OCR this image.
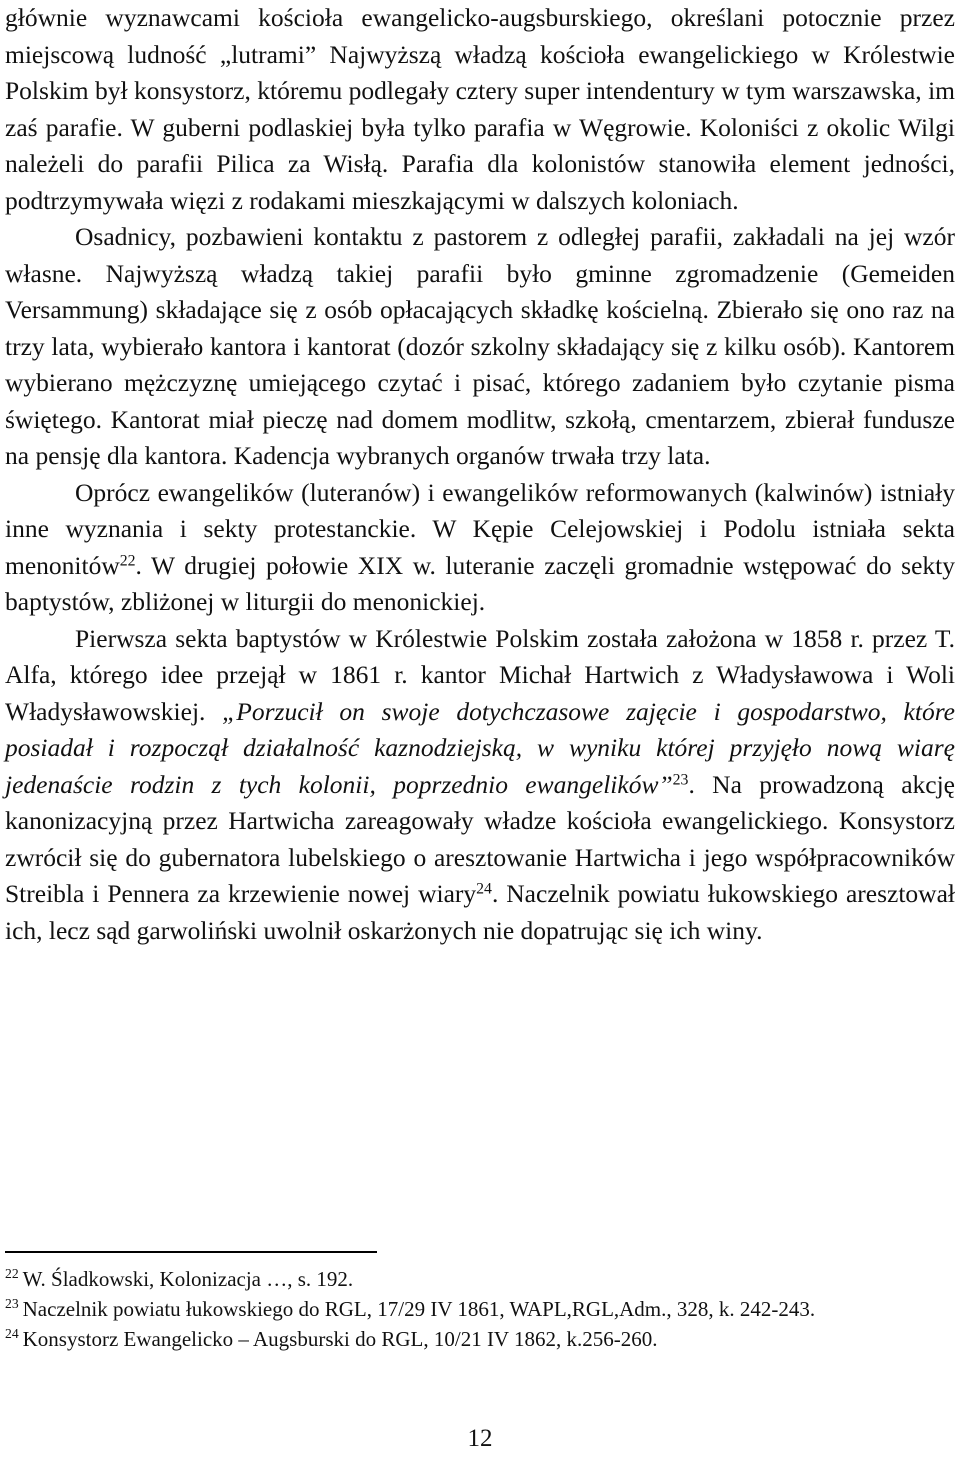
głównie wyznawcami kościoła ewangelicko-augsburskiego, określani potocznie przez miejscową ludność „lutrami” Najwyższą władzą kościoła ewangelickiego w Królestwie Polskim był konsystorz, któremu podlegały cztery super intendentury w tym warszawska, im zaś parafie. W guberni podlaskiej była tylko parafia w Węgrowie. Koloniści z okolic Wilgi należeli do parafii Pilica za Wisłą. Parafia dla kolonistów stanowiła element jedności, podtrzymywała więzi z rodakami mieszkającymi w dalszych koloniach.

Osadnicy, pozbawieni kontaktu z pastorem z odległej parafii, zakładali na jej wzór własne. Najwyższą władzą takiej parafii było gminne zgromadzenie (Gemeiden Versammung) składające się z osób opłacających składkę kościelną. Zbierało się ono raz na trzy lata, wybierało kantora i kantorat (dozór szkolny składający się z kilku osób). Kantorem wybierano mężczyznę umiejącego czytać i pisać, którego zadaniem było czytanie pisma świętego. Kantorat miał pieczę nad domem modlitw, szkołą, cmentarzem, zbierał fundusze na pensję dla kantora. Kadencja wybranych organów trwała trzy lata.

Oprócz ewangelików (luteranów) i ewangelików reformowanych (kalwinów) istniały inne wyznania i sekty protestanckie. W Kępie Celejowskiej i Podolu istniała sekta menonitów$^{22}$. W drugiej połowie XIX w. luteranie zaczęli gromadnie wstępować do sekty baptystów, zbliżonej w liturgii do menonickiej.

Pierwsza sekta baptystów w Królestwie Polskim została założona w 1858 r. przez T. Alfa, którego idee przejął w 1861 r. kantor Michał Hartwich z Władysławowa i Woli Władysławowskiej. „Porzucił on swoje dotychczasowe zajęcie i gospodarstwo, które posiadał i rozpoczął działalność kaznodziejską, w wyniku której przyjęło nową wiarę jedenaście rodzin z tych kolonii, poprzednio ewangelików”$^{23}$. Na prowadzoną akcję kanonizacyjną przez Hartwicha zareagowały władze kościoła ewangelickiego. Konsystorz zwrócił się do gubernatora lubelskiego o aresztowanie Hartwicha i jego współpracowników Streibla i Pennera za krzewienie nowej wiary$^{24}$. Naczelnik powiatu łukowskiego aresztował ich, lecz sąd garwoliński uwolnił oskarżonych nie dopatrując się ich winy.

$^{22}$ W. Śladkowski, Kolonizacja …, s. 192.

$^{23}$ Naczelnik powiatu łukowskiego do RGL, 17/29 IV 1861, WAPL,RGL,Adm., 328, k. 242-243.

$^{24}$ Konsystorz Ewangelicko – Augsburski do RGL, 10/21 IV 1862, k.256-260.

12
